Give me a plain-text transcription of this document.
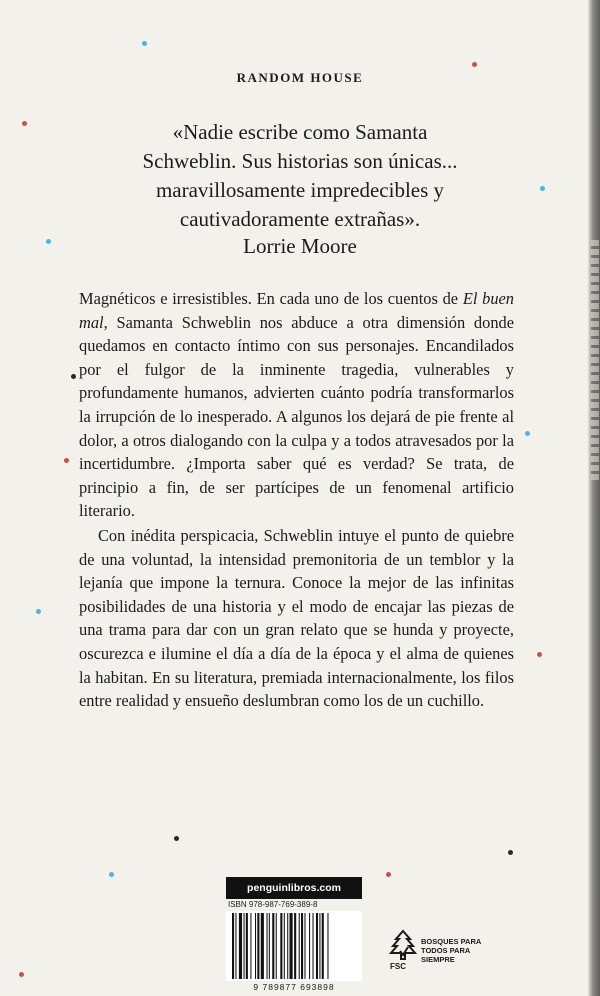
RANDOM HOUSE
«Nadie escribe como Samanta
Schweblin. Sus historias son únicas...
maravillosamente impredecibles y
cautivadoramente extrañas».
Lorrie Moore

Magnéticos e irresistibles. En cada uno de los cuentos de El buen mal, Samanta Schweblin nos abduce a otra dimensión donde quedamos en contacto íntimo con sus personajes. Encandilados por el fulgor de la inminente tragedia, vulnerables y profundamente humanos, advierten cuánto podría transformarlos la irrupción de lo inesperado. A algunos los dejará de pie frente al dolor, a otros dialogando con la culpa y a todos atravesados por la incertidumbre. ¿Importa saber qué es verdad? Se trata, de principio a fin, de ser partícipes de un fenomenal artificio literario.

Con inédita perspicacia, Schweblin intuye el punto de quiebre de una voluntad, la intensidad premonitoria de un temblor y la lejanía que impone la ternura. Conoce la mejor de las infinitas posibilidades de una historia y el modo de encajar las piezas de una trama para dar con un gran relato que se hunda y proyecte, oscurezca e ilumine el día a día de la época y el alma de quienes la habitan. En su literatura, premiada internacionalmente, los filos entre realidad y ensueño deslumbran como los de un cuchillo.

penguinlibros.com
ISBN 978-987-769-389-8
9 789877 693898
FSC
BOSQUES PARA TODOS PARA SIEMPRE
